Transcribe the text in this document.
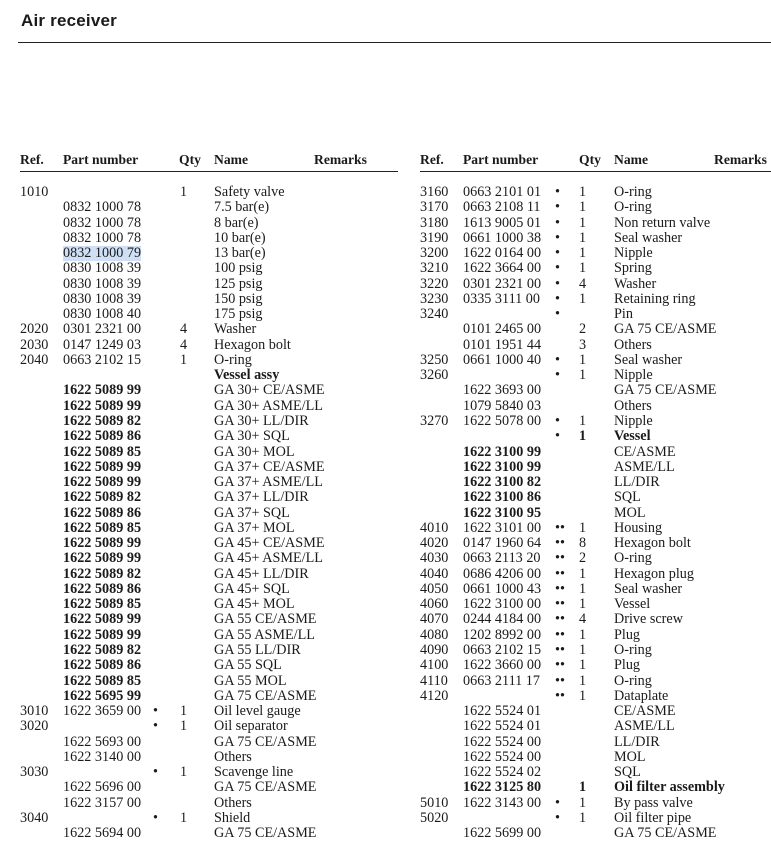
Air receiver
Ref. Part number	Qty Name	Remarks
1010	1 Safety valve
0832 1000 78	7.5 bar(e)
0832 1000 78	8 bar(e)
0832 1000 78	10 bar(e)
0832 1000 79	13 bar(e)
0830 1008 39	100 psig
0830 1008 39	125 psig
0830 1008 39	150 psig
0830 1008 40	175 psig
2020 0301 2321 00	4 Washer
2030 0147 1249 03	4 Hexagon bolt
2040 0663 2102 15	1 O-ring
Vessel assy
1622 5089 99	GA 30+ CE/ASME
1622 5089 99	GA 30+ ASME/LL
1622 5089 82	GA 30+ LL/DIR
1622 5089 86	GA 30+ SQL
1622 5089 85	GA 30+ MOL
1622 5089 99	GA 37+ CE/ASME
1622 5089 99	GA 37+ ASME/LL
1622 5089 82	GA 37+ LL/DIR
1622 5089 86	GA 37+ SQL
1622 5089 85	GA 37+ MOL
1622 5089 99	GA 45+ CE/ASME
1622 5089 99	GA 45+ ASME/LL
1622 5089 82	GA 45+ LL/DIR
1622 5089 86	GA 45+ SQL
1622 5089 85	GA 45+ MOL
1622 5089 99	GA 55 CE/ASME
1622 5089 99	GA 55 ASME/LL
1622 5089 82	GA 55 LL/DIR
1622 5089 86	GA 55 SQL
1622 5089 85	GA 55 MOL
1622 5695 99	GA 75 CE/ASME
3010 1622 3659 00 • 1 Oil level gauge
3020	• 1 Oil separator
1622 5693 00	GA 75 CE/ASME
1622 3140 00	Others
3030	• 1 Scavenge line
1622 5696 00	GA 75 CE/ASME
1622 3157 00	Others
3040	• 1 Shield
1622 5694 00	GA 75 CE/ASME
Ref. Part number	Qty Name	Remarks
3160 0663 2101 01 • 1 O-ring
3170 0663 2108 11 • 1 O-ring
3180 1613 9005 01 • 1 Non return valve
3190 0661 1000 38 • 1 Seal washer
3200 1622 0164 00 • 1 Nipple
3210 1622 3664 00 • 1 Spring
3220 0301 2321 00 • 4 Washer
3230 0335 3111 00 • 1 Retaining ring
3240	•	Pin
0101 2465 00	2 GA 75 CE/ASME
0101 1951 44	3 Others
3250 0661 1000 40 • 1 Seal washer
3260	• 1 Nipple
1622 3693 00	GA 75 CE/ASME
1079 5840 03	Others
3270 1622 5078 00 • 1 Nipple
• 1 Vessel
1622 3100 99	CE/ASME
1622 3100 99	ASME/LL
1622 3100 82	LL/DIR
1622 3100 86	SQL
1622 3100 95	MOL
4010 1622 3101 00 •• 1 Housing
4020 0147 1960 64 •• 8 Hexagon bolt
4030 0663 2113 20 •• 2 O-ring
4040 0686 4206 00 •• 1 Hexagon plug
4050 0661 1000 43 •• 1 Seal washer
4060 1622 3100 00 •• 1 Vessel
4070 0244 4184 00 •• 4 Drive screw
4080 1202 8992 00 •• 1 Plug
4090 0663 2102 15 •• 1 O-ring
4100 1622 3660 00 •• 1 Plug
4110 0663 2111 17 •• 1 O-ring
4120	•• 1 Dataplate
1622 5524 01	CE/ASME
1622 5524 01	ASME/LL
1622 5524 00	LL/DIR
1622 5524 00	MOL
1622 5524 02	SQL
1622 3125 80	1 Oil filter assembly
5010 1622 3143 00 • 1 By pass valve
5020	• 1 Oil filter pipe
1622 5699 00	GA 75 CE/ASME
